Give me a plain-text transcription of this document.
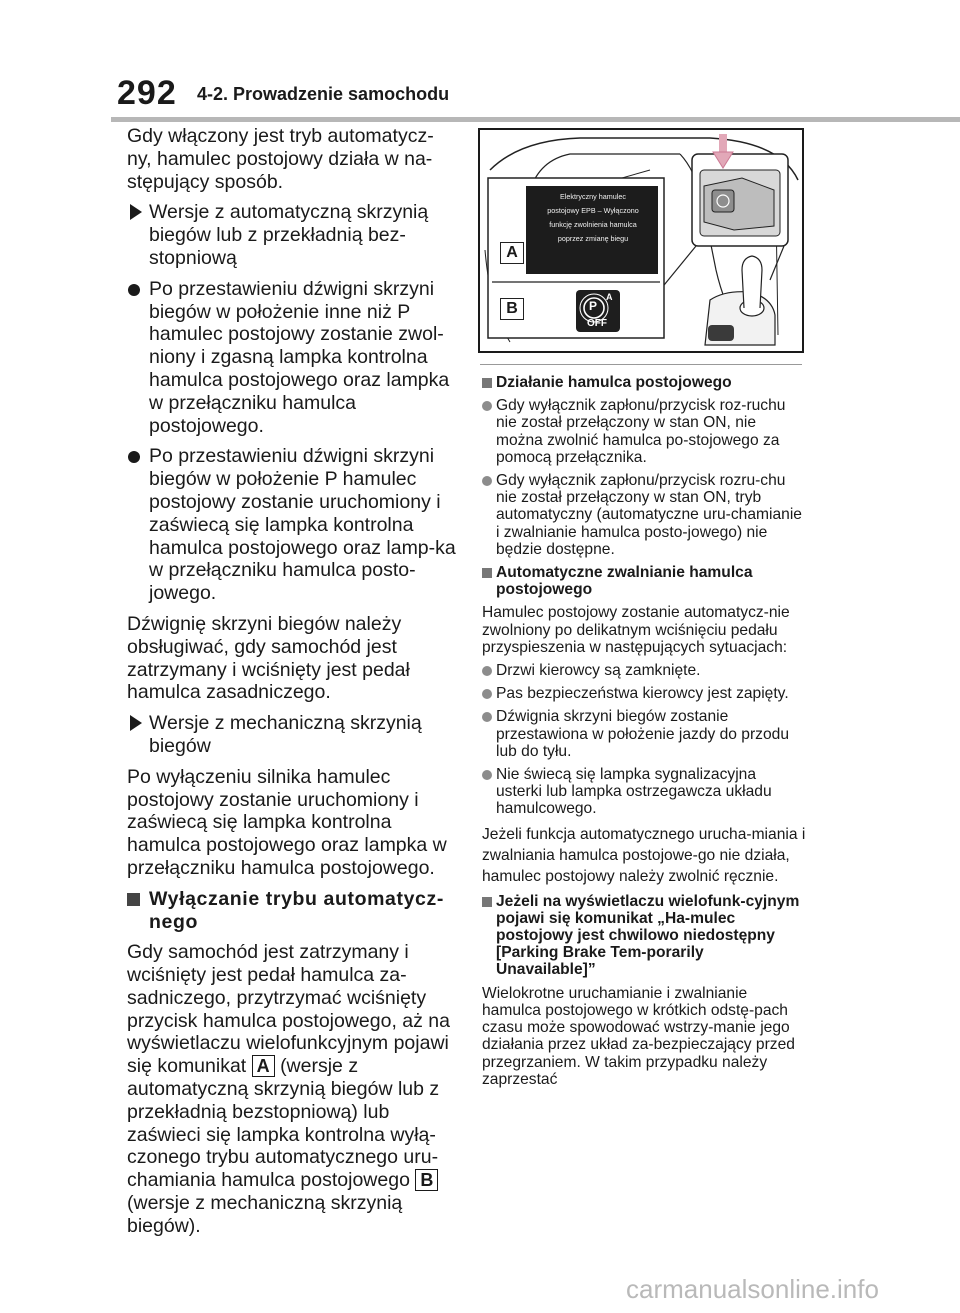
292 4-2. Prowadzenie samochodu

Gdy włączony jest tryb automatycz-ny, hamulec postojowy działa w na-stępujący sposób.

Wersje z automatyczną skrzynią biegów lub z przekładnią bez-stopniową
Po przestawieniu dźwigni skrzyni biegów w położenie inne niż P hamulec postojowy zostanie zwol-niony i zgasną lampka kontrolna hamulca postojowego oraz lampka w przełączniku hamulca postojowego.
Po przestawieniu dźwigni skrzyni biegów w położenie P hamulec postojowy zostanie uruchomiony i zaświecą się lampka kontrolna hamulca postojowego oraz lamp-ka w przełączniku hamulca posto-jowego.

Dźwignię skrzyni biegów należy obsługiwać, gdy samochód jest zatrzymany i wciśnięty jest pedał hamulca zasadniczego.

Wersje z mechaniczną skrzynią biegów

Po wyłączeniu silnika hamulec postojowy zostanie uruchomiony i zaświecą się lampka kontrolna hamulca postojowego oraz lampka w przełączniku hamulca postojowego.

Wyłączanie trybu automatycz-nego

Gdy samochód jest zatrzymany i wciśnięty jest pedał hamulca za-sadniczego, przytrzymać wciśnięty przycisk hamulca postojowego, aż na wyświetlaczu wielofunkcyjnym pojawi się komunikat A (wersje z automatyczną skrzynią biegów lub z przekładnią bezstopniową) lub zaświeci się lampka kontrolna wyłą-czonego trybu automatycznego uru-chamiania hamulca postojowego B (wersje z mechaniczną skrzynią biegów).

Elektryczny hamulec
postojowy EPB – Wyłączono
funkcję zwolnienia hamulca
poprzez zmianę biegu
A
B	P
A
OFF
Działanie hamulca postojowego
Gdy wyłącznik zapłonu/przycisk roz-ruchu nie został przełączony w stan ON, nie można zwolnić hamulca po-stojowego za pomocą przełącznika.
Gdy wyłącznik zapłonu/przycisk rozru-chu nie został przełączony w stan ON, tryb automatyczny (automatyczne uru-chamianie i zwalnianie hamulca posto-jowego) nie będzie dostępne.
Automatyczne zwalnianie hamulca postojowego

Hamulec postojowy zostanie automatycz-nie zwolniony po delikatnym wciśnięciu pedału przyspieszenia w następujących sytuacjach:

Drzwi kierowcy są zamknięte.
Pas bezpieczeństwa kierowcy jest zapięty.
Dźwignia skrzyni biegów zostanie przestawiona w położenie jazdy do przodu lub do tyłu.
Nie świecą się lampka sygnalizacyjna usterki lub lampka ostrzegawcza układu hamulcowego.

Jeżeli funkcja automatycznego urucha-miania i zwalniania hamulca postojowe-go nie działa, hamulec postojowy należy zwolnić ręcznie.

Jeżeli na wyświetlaczu wielofunk-cyjnym pojawi się komunikat „Ha-mulec postojowy jest chwilowo niedostępny [Parking Brake Tem-porarily Unavailable]”

Wielokrotne uruchamianie i zwalnianie hamulca postojowego w krótkich odstę-pach czasu może spowodować wstrzy-manie jego działania przez układ za-bezpieczający przed przegrzaniem. W takim przypadku należy zaprzestać

carmanualsonline.info
